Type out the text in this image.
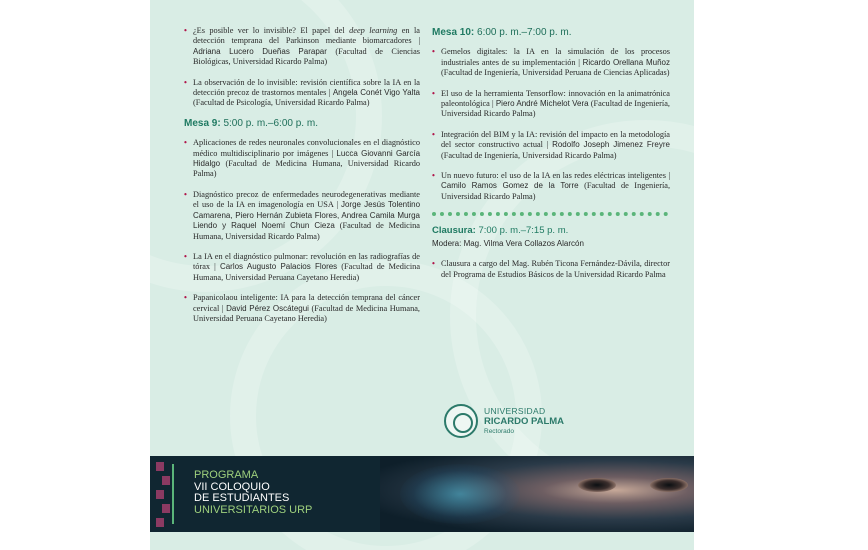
• ¿Es posible ver lo invisible? El papel del deep learning en la detección temprana del Parkinson mediante biomarcadores | Adriana Lucero Dueñas Parapar (Facultad de Ciencias Biológicas, Universidad Ricardo Palma)
• La observación de lo invisible: revisión científica sobre la IA en la detección precoz de trastornos mentales | Angela Conét Vigo Yalta (Facultad de Psicología, Universidad Ricardo Palma)
Mesa 9: 5:00 p. m.–6:00 p. m.
• Aplicaciones de redes neuronales convolucionales en el diagnóstico médico multidisciplinario por imágenes | Lucca Giovanni García Hidalgo (Facultad de Medicina Humana, Universidad Ricardo Palma)
• Diagnóstico precoz de enfermedades neurodegenerativas mediante el uso de la IA en imagenología en USA | Jorge Jesús Tolentino Camarena, Piero Hernán Zubieta Flores, Andrea Camila Murga Liendo y Raquel Noemí Chun Cieza (Facultad de Medicina Humana, Universidad Ricardo Palma)
• La IA en el diagnóstico pulmonar: revolución en las radiografías de tórax | Carlos Augusto Palacios Flores (Facultad de Medicina Humana, Universidad Peruana Cayetano Heredia)
• Papanicolaou inteligente: IA para la detección temprana del cáncer cervical | David Pérez Oscátegui (Facultad de Medicina Humana, Universidad Peruana Cayetano Heredia)
Mesa 10: 6:00 p. m.–7:00 p. m.
• Gemelos digitales: la IA en la simulación de los procesos industriales antes de su implementación | Ricardo Orellana Muñoz (Facultad de Ingeniería, Universidad Peruana de Ciencias Aplicadas)
• El uso de la herramienta Tensorflow: innovación en la animatrónica paleontológica | Piero André Michelot Vera (Facultad de Ingeniería, Universidad Ricardo Palma)
• Integración del BIM y la IA: revisión del impacto en la metodología del sector constructivo actual | Rodolfo Joseph Jimenez Freyre (Facultad de Ingeniería, Universidad Ricardo Palma)
• Un nuevo futuro: el uso de la IA en las redes eléctricas inteligentes | Camilo Ramos Gomez de la Torre (Facultad de Ingeniería, Universidad Ricardo Palma)
Clausura: 7:00 p. m.–7:15 p. m.
Modera: Mag. Vilma Vera Collazos Alarcón
• Clausura a cargo del Mag. Rubén Ticona Fernández-Dávila, director del Programa de Estudios Básicos de la Universidad Ricardo Palma
UNIVERSIDAD
RICARDO PALMA
Rectorado
PROGRAMA
VII COLOQUIO
DE ESTUDIANTES
UNIVERSITARIOS URP
